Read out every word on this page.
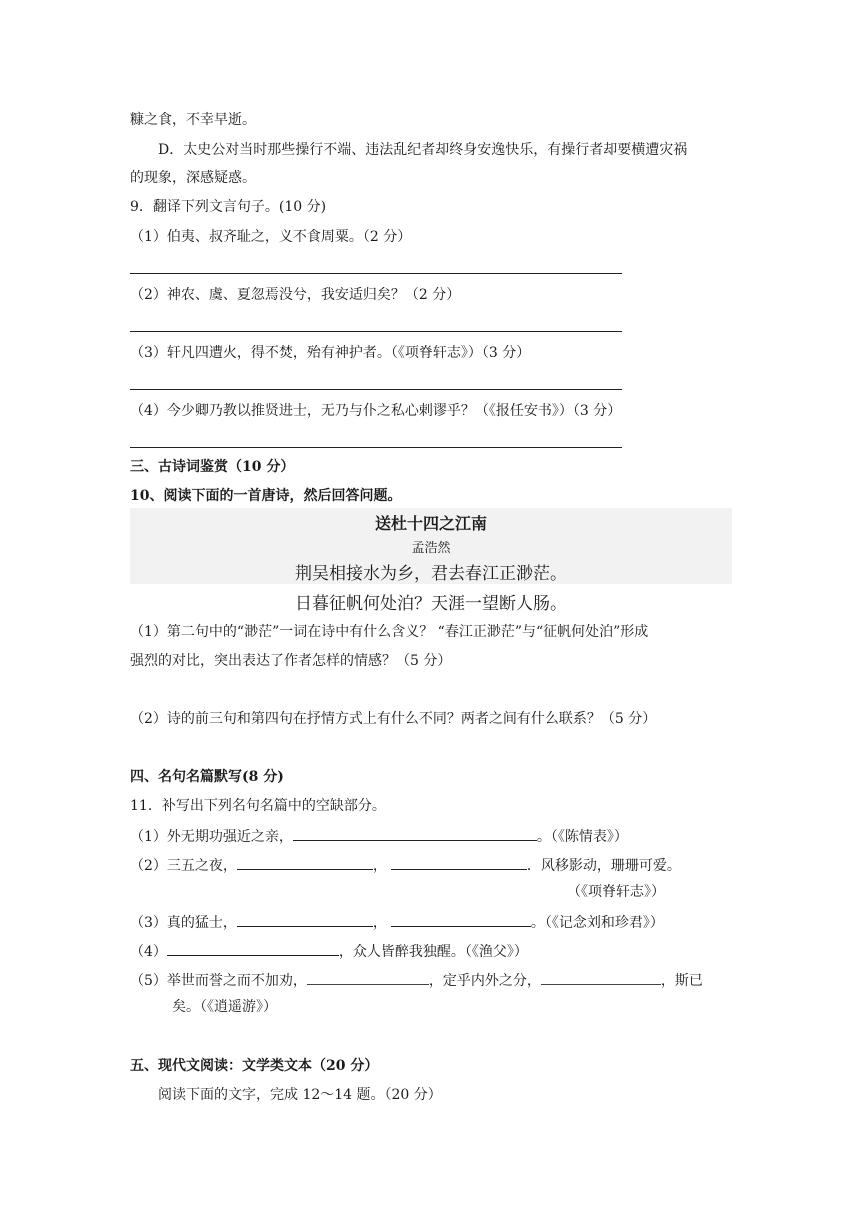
糠之食，不幸早逝。
D．太史公对当时那些操行不端、违法乱纪者却终身安逸快乐，有操行者却要横遭灾祸
的现象，深感疑惑。
9．翻译下列文言句子。(10 分)
（1）伯夷、叔齐耻之，义不食周粟。（2 分）
（2）神农、虞、夏忽焉没兮，我安适归矣？（2 分）
（3）轩凡四遭火，得不焚，殆有神护者。（《项脊轩志》）（3 分）
（4）今少卿乃教以推贤进士，无乃与仆之私心剌谬乎？（《报任安书》）（3 分）
三、古诗词鉴赏（10 分）
10、阅读下面的一首唐诗，然后回答问题。
送杜十四之江南
孟浩然
荆吴相接水为乡，君去春江正渺茫。
日暮征帆何处泊？天涯一望断人肠。
（1）第二句中的“渺茫”一词在诗中有什么含义？ “春江正渺茫”与“征帆何处泊”形成
强烈的对比，突出表达了作者怎样的情感？（5 分）
（2）诗的前三句和第四句在抒情方式上有什么不同？两者之间有什么联系？（5 分）
四、名句名篇默写(8 分)
11．补写出下列名句名篇中的空缺部分。
（1）外无期功强近之亲，	。（《陈情表》）
（2）三五之夜，	，	．风移影动，珊珊可爱。
（《项脊轩志》）
（3）真的猛士，	，	。（《记念刘和珍君》）
（4）	，众人皆醉我独醒。（《渔父》）
（5）举世而誉之而不加劝，	，定乎内外之分，	，斯已
矣。（《逍遥游》）
五、现代文阅读：文学类文本（20 分）
阅读下面的文字，完成 12～14 题。（20 分）
